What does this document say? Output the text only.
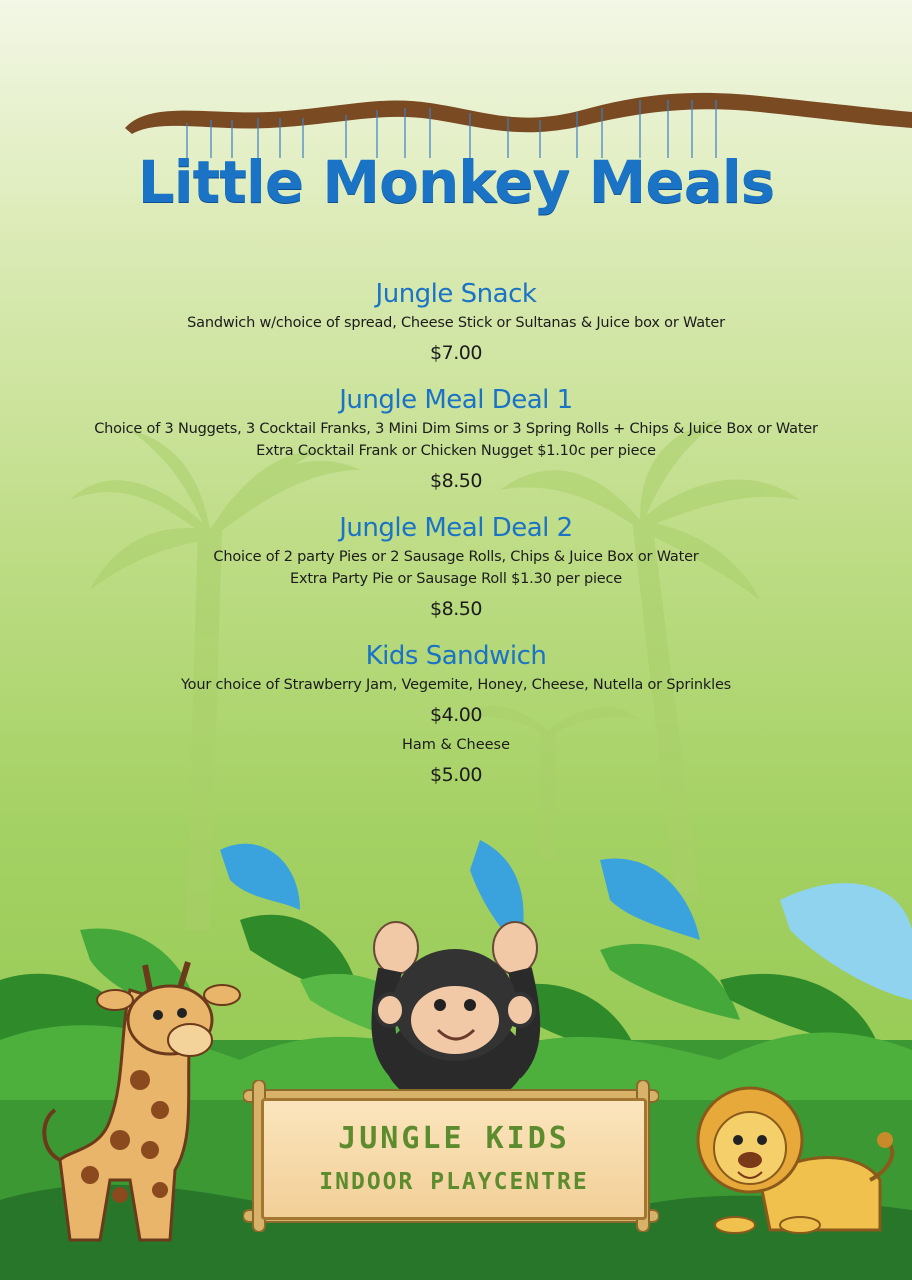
Little Monkey Meals
Jungle Snack
Sandwich w/choice of spread, Cheese Stick or Sultanas & Juice box or Water
$7.00
Jungle Meal Deal 1
Choice of 3 Nuggets, 3 Cocktail Franks, 3 Mini Dim Sims or 3 Spring Rolls + Chips & Juice Box or Water
Extra Cocktail Frank or Chicken Nugget $1.10c per piece
$8.50
Jungle Meal Deal 2
Choice of 2 party Pies or 2 Sausage Rolls, Chips & Juice Box or Water
Extra Party Pie or Sausage Roll $1.30 per piece
$8.50
Kids Sandwich
Your choice of Strawberry Jam, Vegemite, Honey, Cheese, Nutella or Sprinkles
$4.00
Ham & Cheese
$5.00
JUNGLE KIDS
INDOOR PLAYCENTRE
